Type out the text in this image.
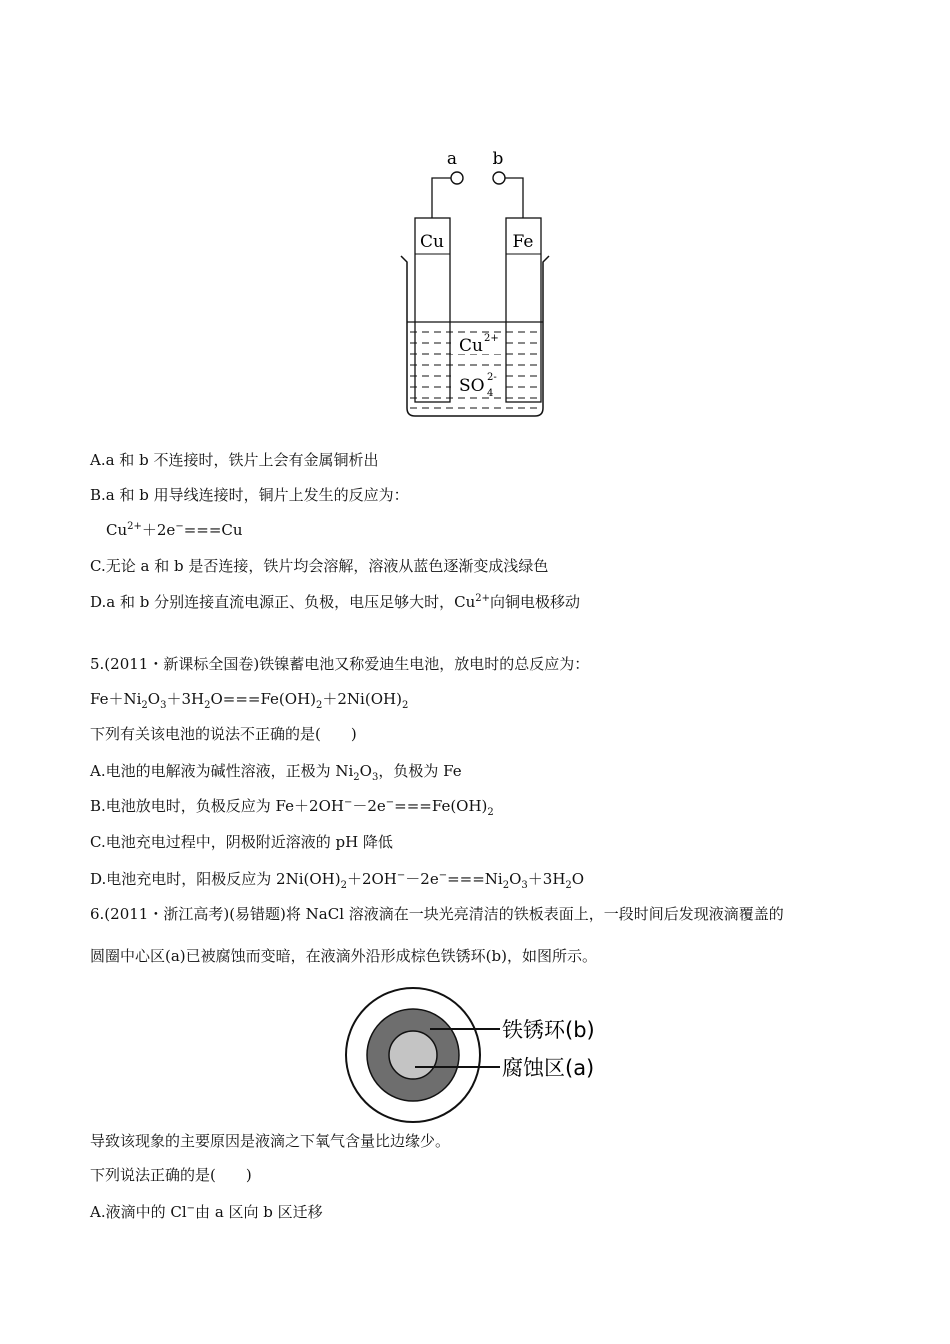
a b
Cu	Fe
Cu 2+
SO 4
2-
A.a 和 b 不连接时，铁片上会有金属铜析出
B.a 和 b 用导线连接时，铜片上发生的反应为：
$Cu^{2+}+2e^-===Cu$
C.无论 a 和 b 是否连接，铁片均会溶解，溶液从蓝色逐渐变成浅绿色
D.a 和 b 分别连接直流电源正、负极，电压足够大时，$Cu^{2+}$向铜电极移动
5.(2011・新课标全国卷)铁镍蓄电池又称爱迪生电池，放电时的总反应为：
$Fe+Ni_2O_3+3H_2O===Fe(OH)_2+2Ni(OH)_2$
下列有关该电池的说法不正确的是(　　)
A.电池的电解液为碱性溶液，正极为 $Ni_2O_3$，负极为 Fe
B.电池放电时，负极反应为 $Fe+2OH^--2e^-===Fe(OH)_2$
C.电池充电过程中，阴极附近溶液的 pH 降低
D.电池充电时，阳极反应为 $2Ni(OH)_2+2OH^--2e^-===Ni_2O_3+3H_2O$
6.(2011・浙江高考)(易错题)将 NaCl 溶液滴在一块光亮清洁的铁板表面上，一段时间后发现液滴覆盖的
圆圈中心区(a)已被腐蚀而变暗，在液滴外沿形成棕色铁锈环(b)，如图所示。
铁锈环(b)
腐蚀区(a)
导致该现象的主要原因是液滴之下氧气含量比边缘少。
下列说法正确的是(　　)
A.液滴中的 Cl−由 a 区向 b 区迁移
